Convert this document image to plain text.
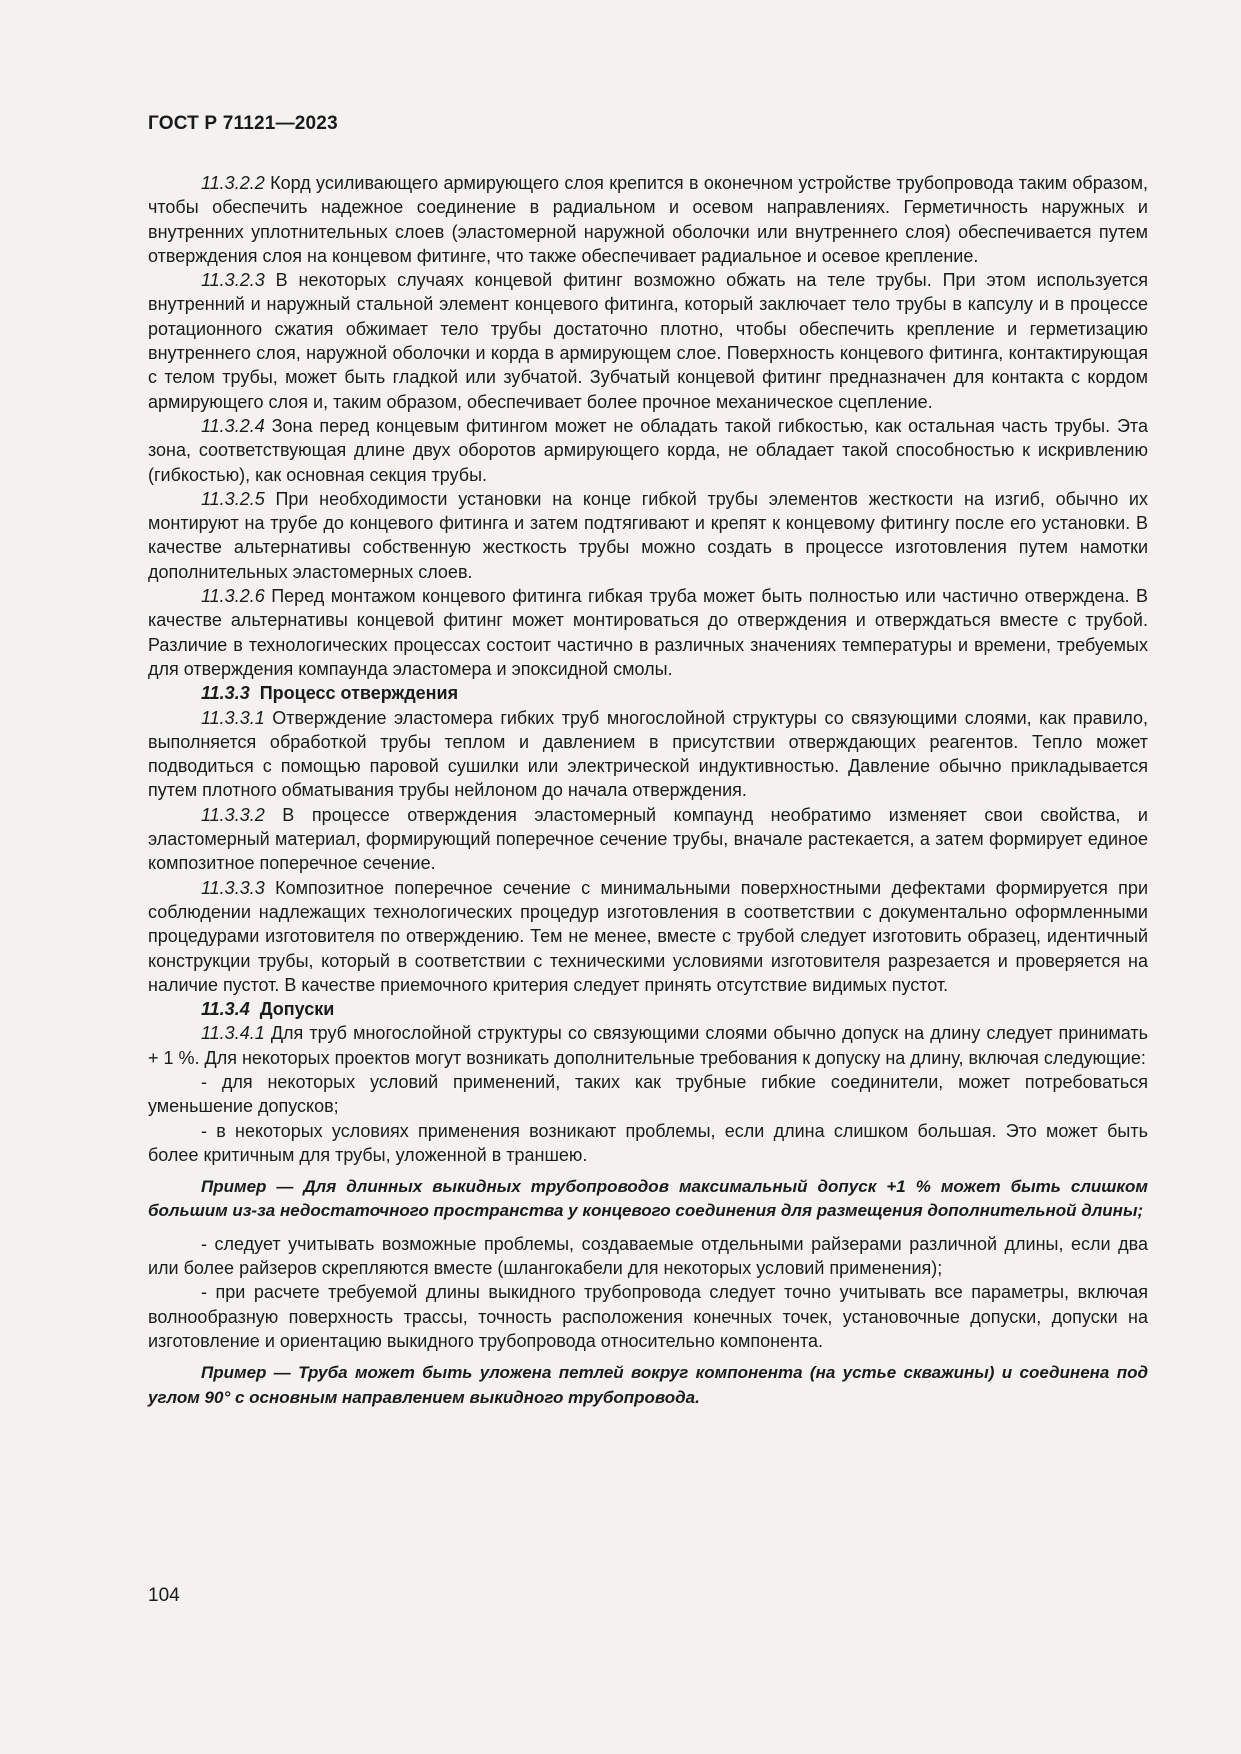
ГОСТ Р 71121—2023

11.3.2.2 Корд усиливающего армирующего слоя крепится в оконечном устройстве трубопровода таким образом, чтобы обеспечить надежное соединение в радиальном и осевом направлениях. Герметичность наружных и внутренних уплотнительных слоев (эластомерной наружной оболочки или внутреннего слоя) обеспечивается путем отверждения слоя на концевом фитинге, что также обеспечивает радиальное и осевое крепление.

11.3.2.3 В некоторых случаях концевой фитинг возможно обжать на теле трубы. При этом используется внутренний и наружный стальной элемент концевого фитинга, который заключает тело трубы в капсулу и в процессе ротационного сжатия обжимает тело трубы достаточно плотно, чтобы обеспечить крепление и герметизацию внутреннего слоя, наружной оболочки и корда в армирующем слое. Поверхность концевого фитинга, контактирующая с телом трубы, может быть гладкой или зубчатой. Зубчатый концевой фитинг предназначен для контакта с кордом армирующего слоя и, таким образом, обеспечивает более прочное механическое сцепление.

11.3.2.4 Зона перед концевым фитингом может не обладать такой гибкостью, как остальная часть трубы. Эта зона, соответствующая длине двух оборотов армирующего корда, не обладает такой способностью к искривлению (гибкостью), как основная секция трубы.

11.3.2.5 При необходимости установки на конце гибкой трубы элементов жесткости на изгиб, обычно их монтируют на трубе до концевого фитинга и затем подтягивают и крепят к концевому фитингу после его установки. В качестве альтернативы собственную жесткость трубы можно создать в процессе изготовления путем намотки дополнительных эластомерных слоев.

11.3.2.6 Перед монтажом концевого фитинга гибкая труба может быть полностью или частично отверждена. В качестве альтернативы концевой фитинг может монтироваться до отверждения и отверждаться вместе с трубой. Различие в технологических процессах состоит частично в различных значениях температуры и времени, требуемых для отверждения компаунда эластомера и эпоксидной смолы.

11.3.3 Процесс отверждения

11.3.3.1 Отверждение эластомера гибких труб многослойной структуры со связующими слоями, как правило, выполняется обработкой трубы теплом и давлением в присутствии отверждающих реагентов. Тепло может подводиться с помощью паровой сушилки или электрической индуктивностью. Давление обычно прикладывается путем плотного обматывания трубы нейлоном до начала отверждения.

11.3.3.2 В процессе отверждения эластомерный компаунд необратимо изменяет свои свойства, и эластомерный материал, формирующий поперечное сечение трубы, вначале растекается, а затем формирует единое композитное поперечное сечение.

11.3.3.3 Композитное поперечное сечение с минимальными поверхностными дефектами формируется при соблюдении надлежащих технологических процедур изготовления в соответствии с документально оформленными процедурами изготовителя по отверждению. Тем не менее, вместе с трубой следует изготовить образец, идентичный конструкции трубы, который в соответствии с техническими условиями изготовителя разрезается и проверяется на наличие пустот. В качестве приемочного критерия следует принять отсутствие видимых пустот.

11.3.4 Допуски

11.3.4.1 Для труб многослойной структуры со связующими слоями обычно допуск на длину следует принимать + 1 %. Для некоторых проектов могут возникать дополнительные требования к допуску на длину, включая следующие:

- для некоторых условий применений, таких как трубные гибкие соединители, может потребоваться уменьшение допусков;

- в некоторых условиях применения возникают проблемы, если длина слишком большая. Это может быть более критичным для трубы, уложенной в траншею.

Пример — Для длинных выкидных трубопроводов максимальный допуск +1 % может быть слишком большим из-за недостаточного пространства у концевого соединения для размещения дополнительной длины;

- следует учитывать возможные проблемы, создаваемые отдельными райзерами различной длины, если два или более райзеров скрепляются вместе (шлангокабели для некоторых условий применения);

- при расчете требуемой длины выкидного трубопровода следует точно учитывать все параметры, включая волнообразную поверхность трассы, точность расположения конечных точек, установочные допуски, допуски на изготовление и ориентацию выкидного трубопровода относительно компонента.

Пример — Труба может быть уложена петлей вокруг компонента (на устье скважины) и соединена под углом 90° с основным направлением выкидного трубопровода.

104
